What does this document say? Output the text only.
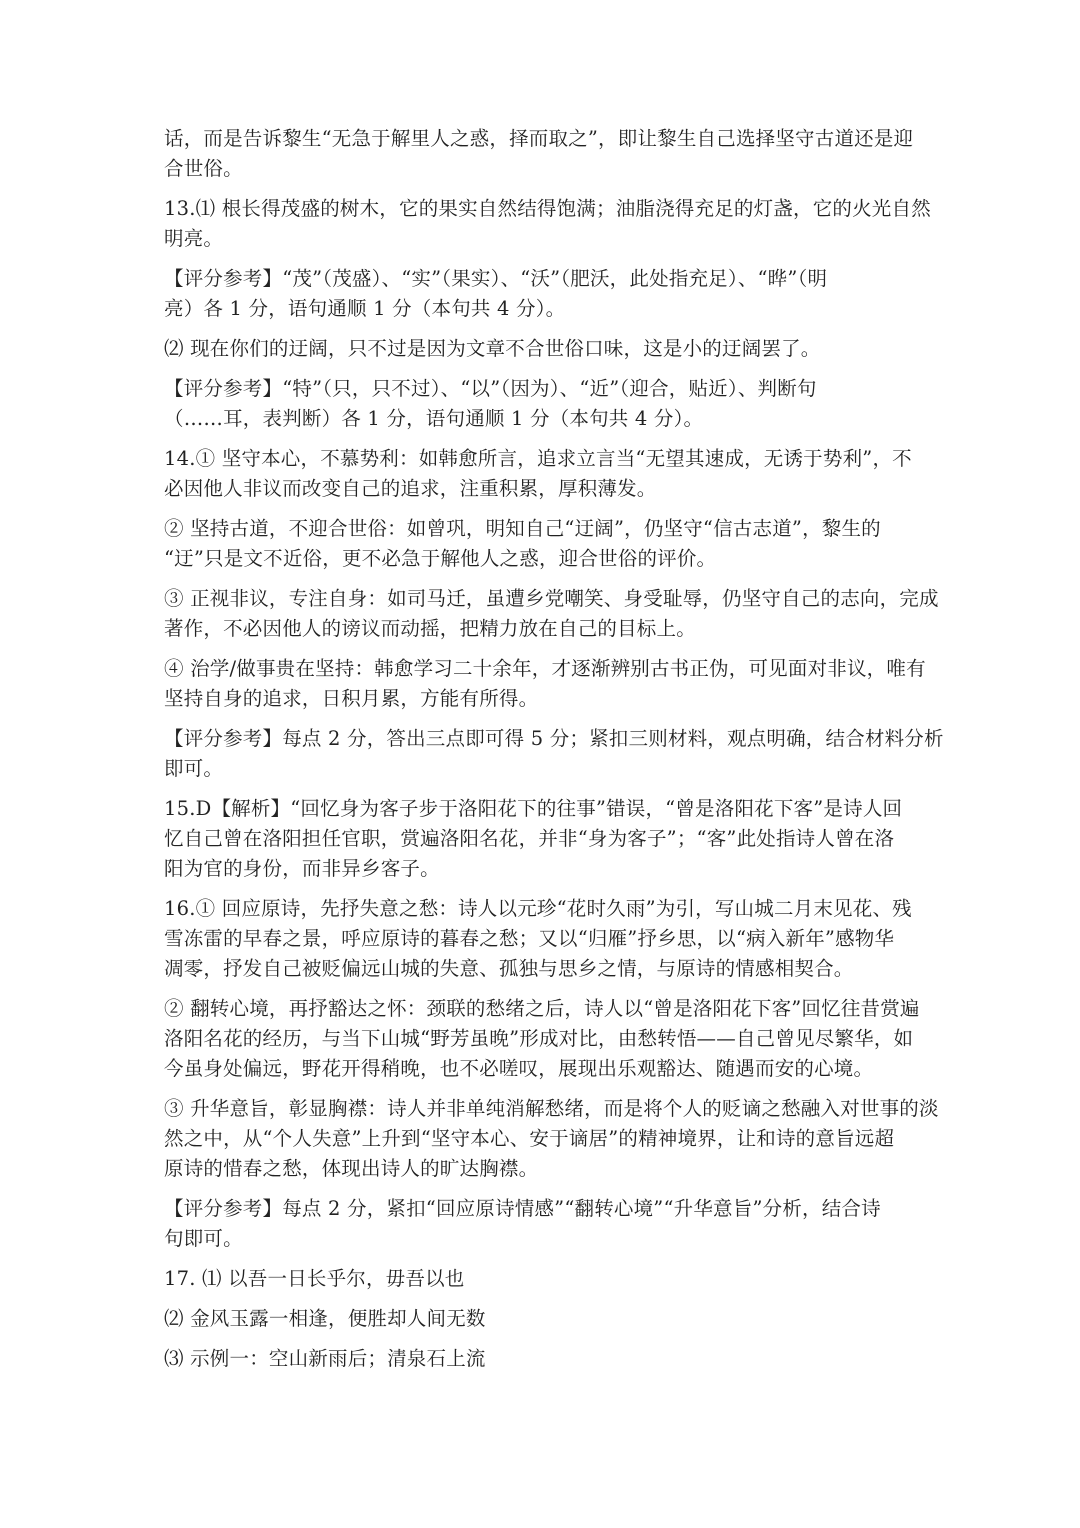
话，而是告诉黎生“无急于解里人之惑，择而取之”，即让黎生自己选择坚守古道还是迎
合世俗。

13.⑴ 根长得茂盛的树木，它的果实自然结得饱满；油脂浇得充足的灯盏，它的火光自然
明亮。

【评分参考】“茂”（茂盛）、“实”（果实）、“沃”（肥沃，此处指充足）、“晔”（明
亮）各 1 分，语句通顺 1 分（本句共 4 分）。

⑵ 现在你们的迂阔，只不过是因为文章不合世俗口味，这是小的迂阔罢了。

【评分参考】“特”（只，只不过）、“以”（因为）、“近”（迎合，贴近）、判断句
（……耳，表判断）各 1 分，语句通顺 1 分（本句共 4 分）。

14.① 坚守本心，不慕势利：如韩愈所言，追求立言当“无望其速成，无诱于势利”，不
必因他人非议而改变自己的追求，注重积累，厚积薄发。

② 坚持古道，不迎合世俗：如曾巩，明知自己“迂阔”，仍坚守“信古志道”，黎生的
“迂”只是文不近俗，更不必急于解他人之惑，迎合世俗的评价。

③ 正视非议，专注自身：如司马迁，虽遭乡党嘲笑、身受耻辱，仍坚守自己的志向，完成
著作，不必因他人的谤议而动摇，把精力放在自己的目标上。

④ 治学/做事贵在坚持：韩愈学习二十余年，才逐渐辨别古书正伪，可见面对非议，唯有
坚持自身的追求，日积月累，方能有所得。

【评分参考】每点 2 分，答出三点即可得 5 分；紧扣三则材料，观点明确，结合材料分析
即可。

15.D【解析】“回忆身为客子步于洛阳花下的往事”错误，“曾是洛阳花下客”是诗人回
忆自己曾在洛阳担任官职，赏遍洛阳名花，并非“身为客子”；“客”此处指诗人曾在洛
阳为官的身份，而非异乡客子。

16.① 回应原诗，先抒失意之愁：诗人以元珍“花时久雨”为引，写山城二月末见花、残
雪冻雷的早春之景，呼应原诗的暮春之愁；又以“归雁”抒乡思，以“病入新年”感物华
凋零，抒发自己被贬偏远山城的失意、孤独与思乡之情，与原诗的情感相契合。

② 翻转心境，再抒豁达之怀：颈联的愁绪之后，诗人以“曾是洛阳花下客”回忆往昔赏遍
洛阳名花的经历，与当下山城“野芳虽晚”形成对比，由愁转悟——自己曾见尽繁华，如
今虽身处偏远，野花开得稍晚，也不必嗟叹，展现出乐观豁达、随遇而安的心境。

③ 升华意旨，彰显胸襟：诗人并非单纯消解愁绪，而是将个人的贬谪之愁融入对世事的淡
然之中，从“个人失意”上升到“坚守本心、安于谪居”的精神境界，让和诗的意旨远超
原诗的惜春之愁，体现出诗人的旷达胸襟。

【评分参考】每点 2 分，紧扣“回应原诗情感”“翻转心境”“升华意旨”分析，结合诗
句即可。

17. ⑴ 以吾一日长乎尔，毋吾以也

⑵ 金风玉露一相逢，便胜却人间无数

⑶ 示例一：空山新雨后；清泉石上流
